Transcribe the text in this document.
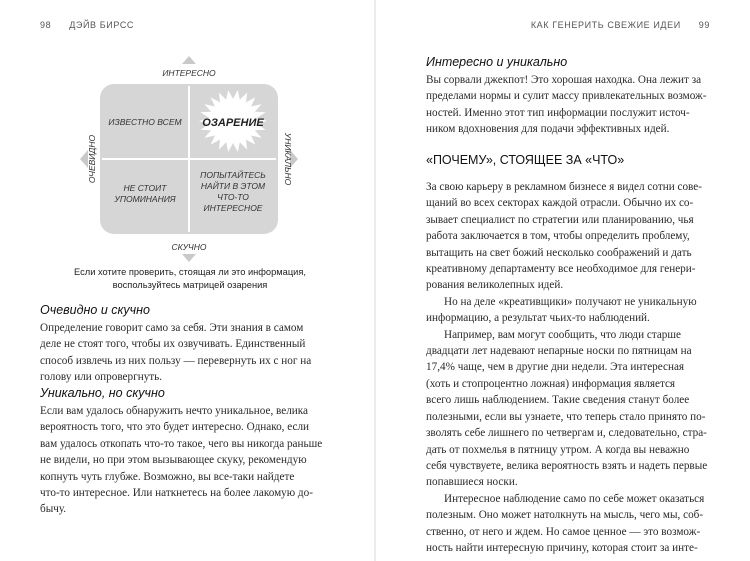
98 ДЭЙВ БИРСС
ИНТЕРЕСНО
СКУЧНО
ОЧЕВИДНО	УНИКАЛЬНО
ИЗВЕСТНО ВСЕМ ОЗАРЕНИЕ
НЕ СТОИТ
УПОМИНАНИЯ
ПОПЫТАЙТЕСЬ
НАЙТИ В ЭТОМ
ЧТО-ТО
ИНТЕРЕСНОЕ
Если хотите проверить, стоящая ли это информация,
воспользуйтесь матрицей озарения

Очевидно и скучно

Определение говорит само за себя. Эти знания в самом
деле не стоят того, чтобы их озвучивать. Единственный
способ извлечь из них пользу — перевернуть их с ног на
голову или опровергнуть.

Уникально, но скучно

Если вам удалось обнаружить нечто уникальное, велика
вероятность того, что это будет интересно. Однако, если
вам удалось откопать что-то такое, чего вы никогда раньше
не видели, но при этом вызывающее скуку, рекомендую
копнуть чуть глубже. Возможно, вы все-таки найдете
что-то интересное. Или наткнетесь на более лакомую до-
бычу.
КАК ГЕНЕРИТЬ СВЕЖИЕ ИДЕИ 99

Интересно и уникально

Вы сорвали джекпот! Это хорошая находка. Она лежит за
пределами нормы и сулит массу привлекательных возмож-
ностей. Именно этот тип информации послужит источ-
ником вдохновения для подачи эффективных идей.

«ПОЧЕМУ», СТОЯЩЕЕ ЗА «ЧТО»

За свою карьеру в рекламном бизнесе я видел сотни сове-
щаний во всех секторах каждой отрасли. Обычно их со-
зывает специалист по стратегии или планированию, чья
работа заключается в том, чтобы определить проблему,
вытащить на свет божий несколько соображений и дать
креативному департаменту все необходимое для генери-
рования великолепных идей.
Но на деле «креативщики» получают не уникальную
информацию, а результат чьих-то наблюдений.
Например, вам могут сообщить, что люди старше
двадцати лет надевают непарные носки по пятницам на
17,4% чаще, чем в другие дни недели. Эта интересная
(хоть и стопроцентно ложная) информация является
всего лишь наблюдением. Такие сведения станут более
полезными, если вы узнаете, что теперь стало принято по-
зволять себе лишнего по четвергам и, следовательно, стра-
дать от похмелья в пятницу утром. А когда вы неважно
себя чувствуете, велика вероятность взять и надеть первые
попавшиеся носки.
Интересное наблюдение само по себе может оказаться
полезным. Оно может натолкнуть на мысль, чего мы, соб-
ственно, от него и ждем. Но самое ценное — это возмож-
ность найти интересную причину, которая стоит за инте-
